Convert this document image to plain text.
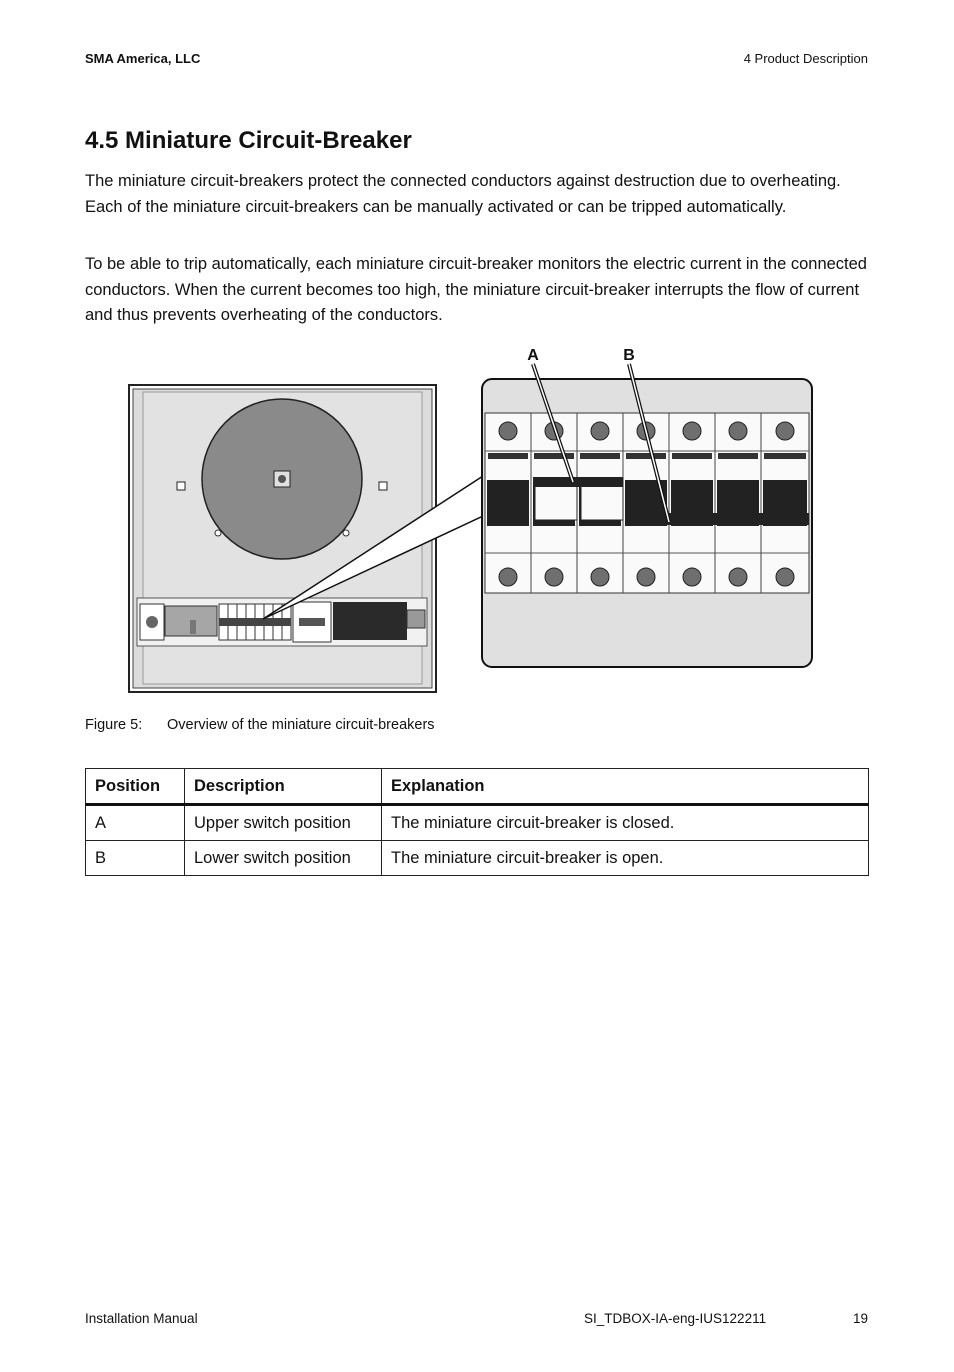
SMA America, LLC	4 Product Description
4.5 Miniature Circuit-Breaker

The miniature circuit-breakers protect the connected conductors against destruction due to overheating. Each of the miniature circuit-breakers can be manually activated or can be tripped automatically.

To be able to trip automatically, each miniature circuit-breaker monitors the electric current in the connected conductors. When the current becomes too high, the miniature circuit-breaker interrupts the flow of current and thus prevents overheating of the conductors.

A	B
Figure 5: Overview of the miniature circuit-breakers
Position	Description	Explanation
A	Upper switch position	The miniature circuit-breaker is closed.
B	Lower switch position	The miniature circuit-breaker is open.
Installation Manual	SI_TDBOX-IA-eng-IUS122211	19
